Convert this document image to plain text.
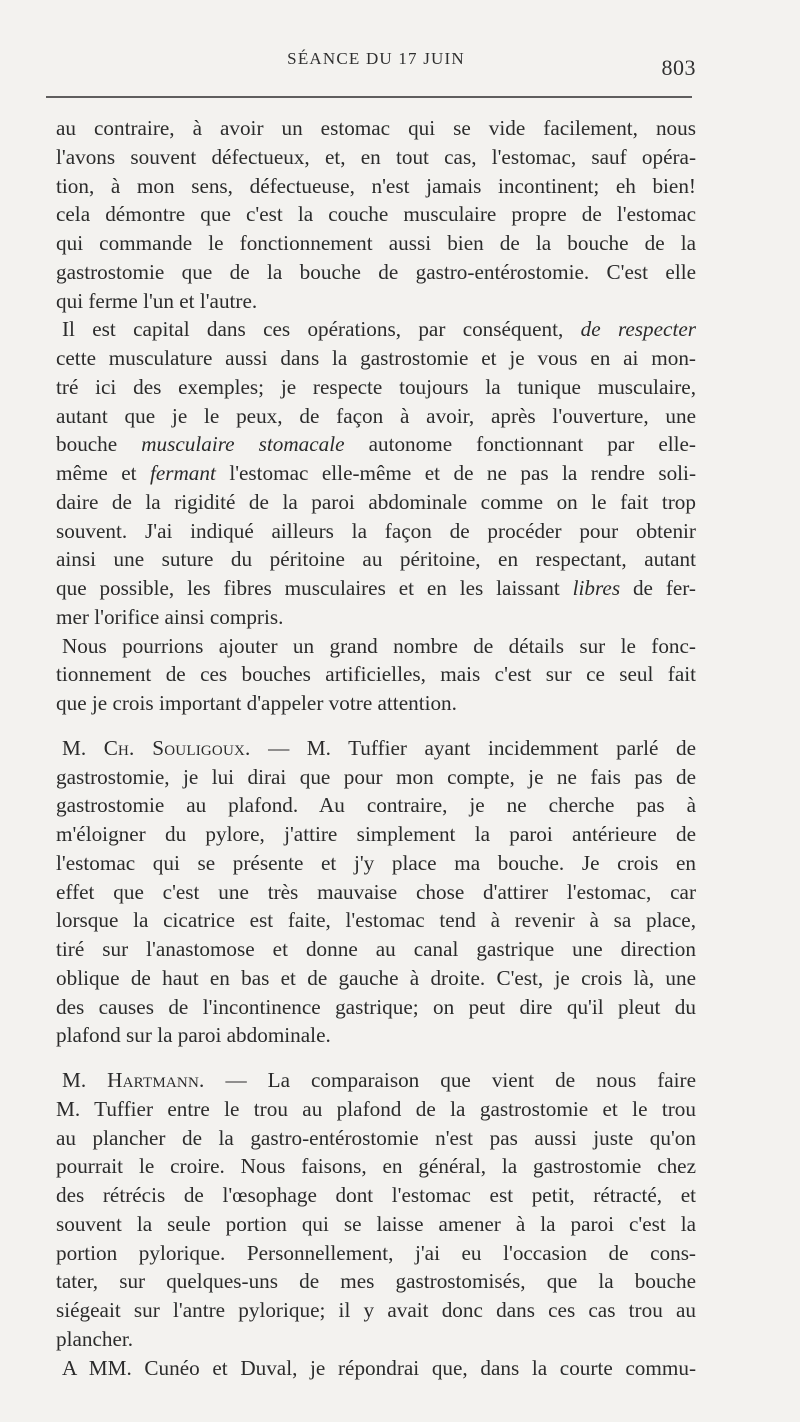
SÉANCE DU 17 JUIN	803

au contraire, à avoir un estomac qui se vide facilement, nous
l'avons souvent défectueux, et, en tout cas, l'estomac, sauf opéra-
tion, à mon sens, défectueuse, n'est jamais incontinent; eh bien!
cela démontre que c'est la couche musculaire propre de l'estomac
qui commande le fonctionnement aussi bien de la bouche de la
gastrostomie que de la bouche de gastro-entérostomie. C'est elle
qui ferme l'un et l'autre.

Il est capital dans ces opérations, par conséquent, de respecter
cette musculature aussi dans la gastrostomie et je vous en ai mon-
tré ici des exemples; je respecte toujours la tunique musculaire,
autant que je le peux, de façon à avoir, après l'ouverture, une
bouche musculaire stomacale autonome fonctionnant par elle-
même et fermant l'estomac elle-même et de ne pas la rendre soli-
daire de la rigidité de la paroi abdominale comme on le fait trop
souvent. J'ai indiqué ailleurs la façon de procéder pour obtenir
ainsi une suture du péritoine au péritoine, en respectant, autant
que possible, les fibres musculaires et en les laissant libres de fer-
mer l'orifice ainsi compris.

Nous pourrions ajouter un grand nombre de détails sur le fonc-
tionnement de ces bouches artificielles, mais c'est sur ce seul fait
que je crois important d'appeler votre attention.

M. Ch. Souligoux. — M. Tuffier ayant incidemment parlé de
gastrostomie, je lui dirai que pour mon compte, je ne fais pas de
gastrostomie au plafond. Au contraire, je ne cherche pas à
m'éloigner du pylore, j'attire simplement la paroi antérieure de
l'estomac qui se présente et j'y place ma bouche. Je crois en
effet que c'est une très mauvaise chose d'attirer l'estomac, car
lorsque la cicatrice est faite, l'estomac tend à revenir à sa place,
tiré sur l'anastomose et donne au canal gastrique une direction
oblique de haut en bas et de gauche à droite. C'est, je crois là, une
des causes de l'incontinence gastrique; on peut dire qu'il pleut du
plafond sur la paroi abdominale.

M. Hartmann. — La comparaison que vient de nous faire
M. Tuffier entre le trou au plafond de la gastrostomie et le trou
au plancher de la gastro-entérostomie n'est pas aussi juste qu'on
pourrait le croire. Nous faisons, en général, la gastrostomie chez
des rétrécis de l'œsophage dont l'estomac est petit, rétracté, et
souvent la seule portion qui se laisse amener à la paroi c'est la
portion pylorique. Personnellement, j'ai eu l'occasion de cons-
tater, sur quelques-uns de mes gastrostomisés, que la bouche
siégeait sur l'antre pylorique; il y avait donc dans ces cas trou au
plancher.

A MM. Cunéo et Duval, je répondrai que, dans la courte commu-
